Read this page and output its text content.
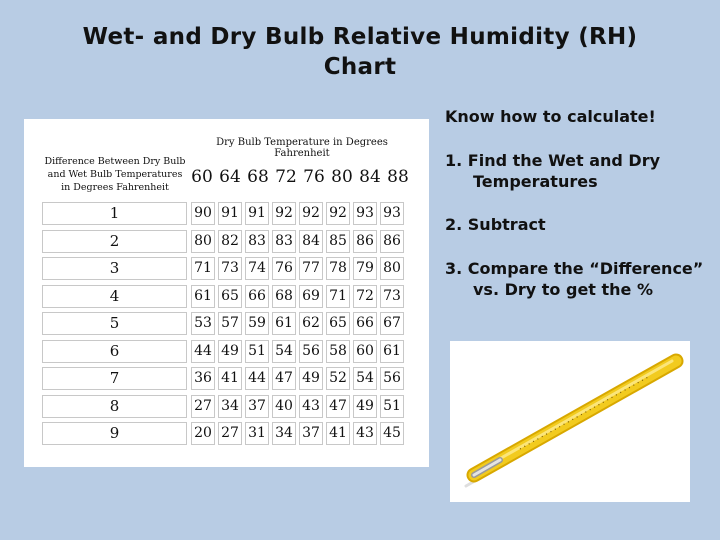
Wet- and Dry Bulb Relative Humidity (RH)
Chart
Dry Bulb Temperature in Degrees Fahrenheit
Difference Between Dry Bulb
and Wet Bulb Temperatures
in Degrees Fahrenheit
60 64 68 72 76 80 84 88
1	90 91 91 92 92 92 93 93
2	80 82 83 83 84 85 86 86
3	71 73 74 76 77 78 79 80
4	61 65 66 68 69 71 72 73
5	53 57 59 61 62 65 66 67
6	44 49 51 54 56 58 60 61
7	36 41 44 47 49 52 54 56
8	27 34 37 40 43 47 49 51
9	20 27 31 34 37 41 43 45
Know how to calculate!
1. Find the Wet and Dry Temperatures
2. Subtract
3. Compare the “Difference” vs. Dry to get the %
